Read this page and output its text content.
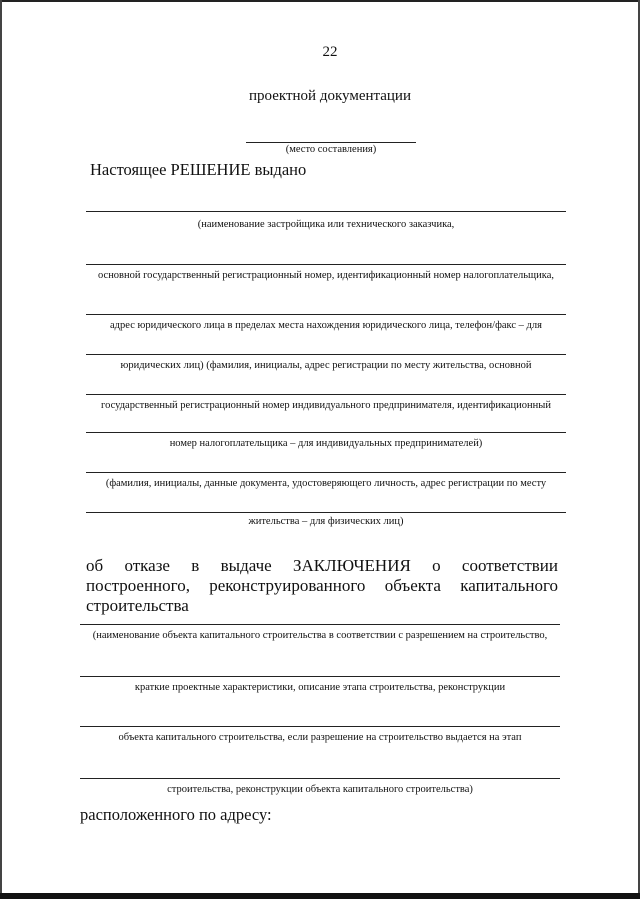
22
проектной документации
(место составления)
Настоящее РЕШЕНИЕ выдано
(наименование застройщика или технического заказчика,
основной государственный регистрационный номер, идентификационный номер налогоплательщика,
адрес юридического лица в пределах места нахождения юридического лица, телефон/факс – для
юридических лиц) (фамилия, инициалы, адрес регистрации по месту жительства, основной
государственный регистрационный номер индивидуального предпринимателя, идентификационный
номер налогоплательщика – для индивидуальных предпринимателей)
(фамилия, инициалы, данные документа, удостоверяющего личность, адрес регистрации по месту
жительства – для физических лиц)
об отказе в выдаче ЗАКЛЮЧЕНИЯ о соответствии построенного, реконструированного объекта капитального строительства
(наименование объекта капитального строительства в соответствии с разрешением на строительство,
краткие проектные характеристики, описание этапа строительства, реконструкции
объекта капитального строительства, если разрешение на строительство выдается на этап
строительства, реконструкции объекта капитального строительства)
расположенного по адресу:
